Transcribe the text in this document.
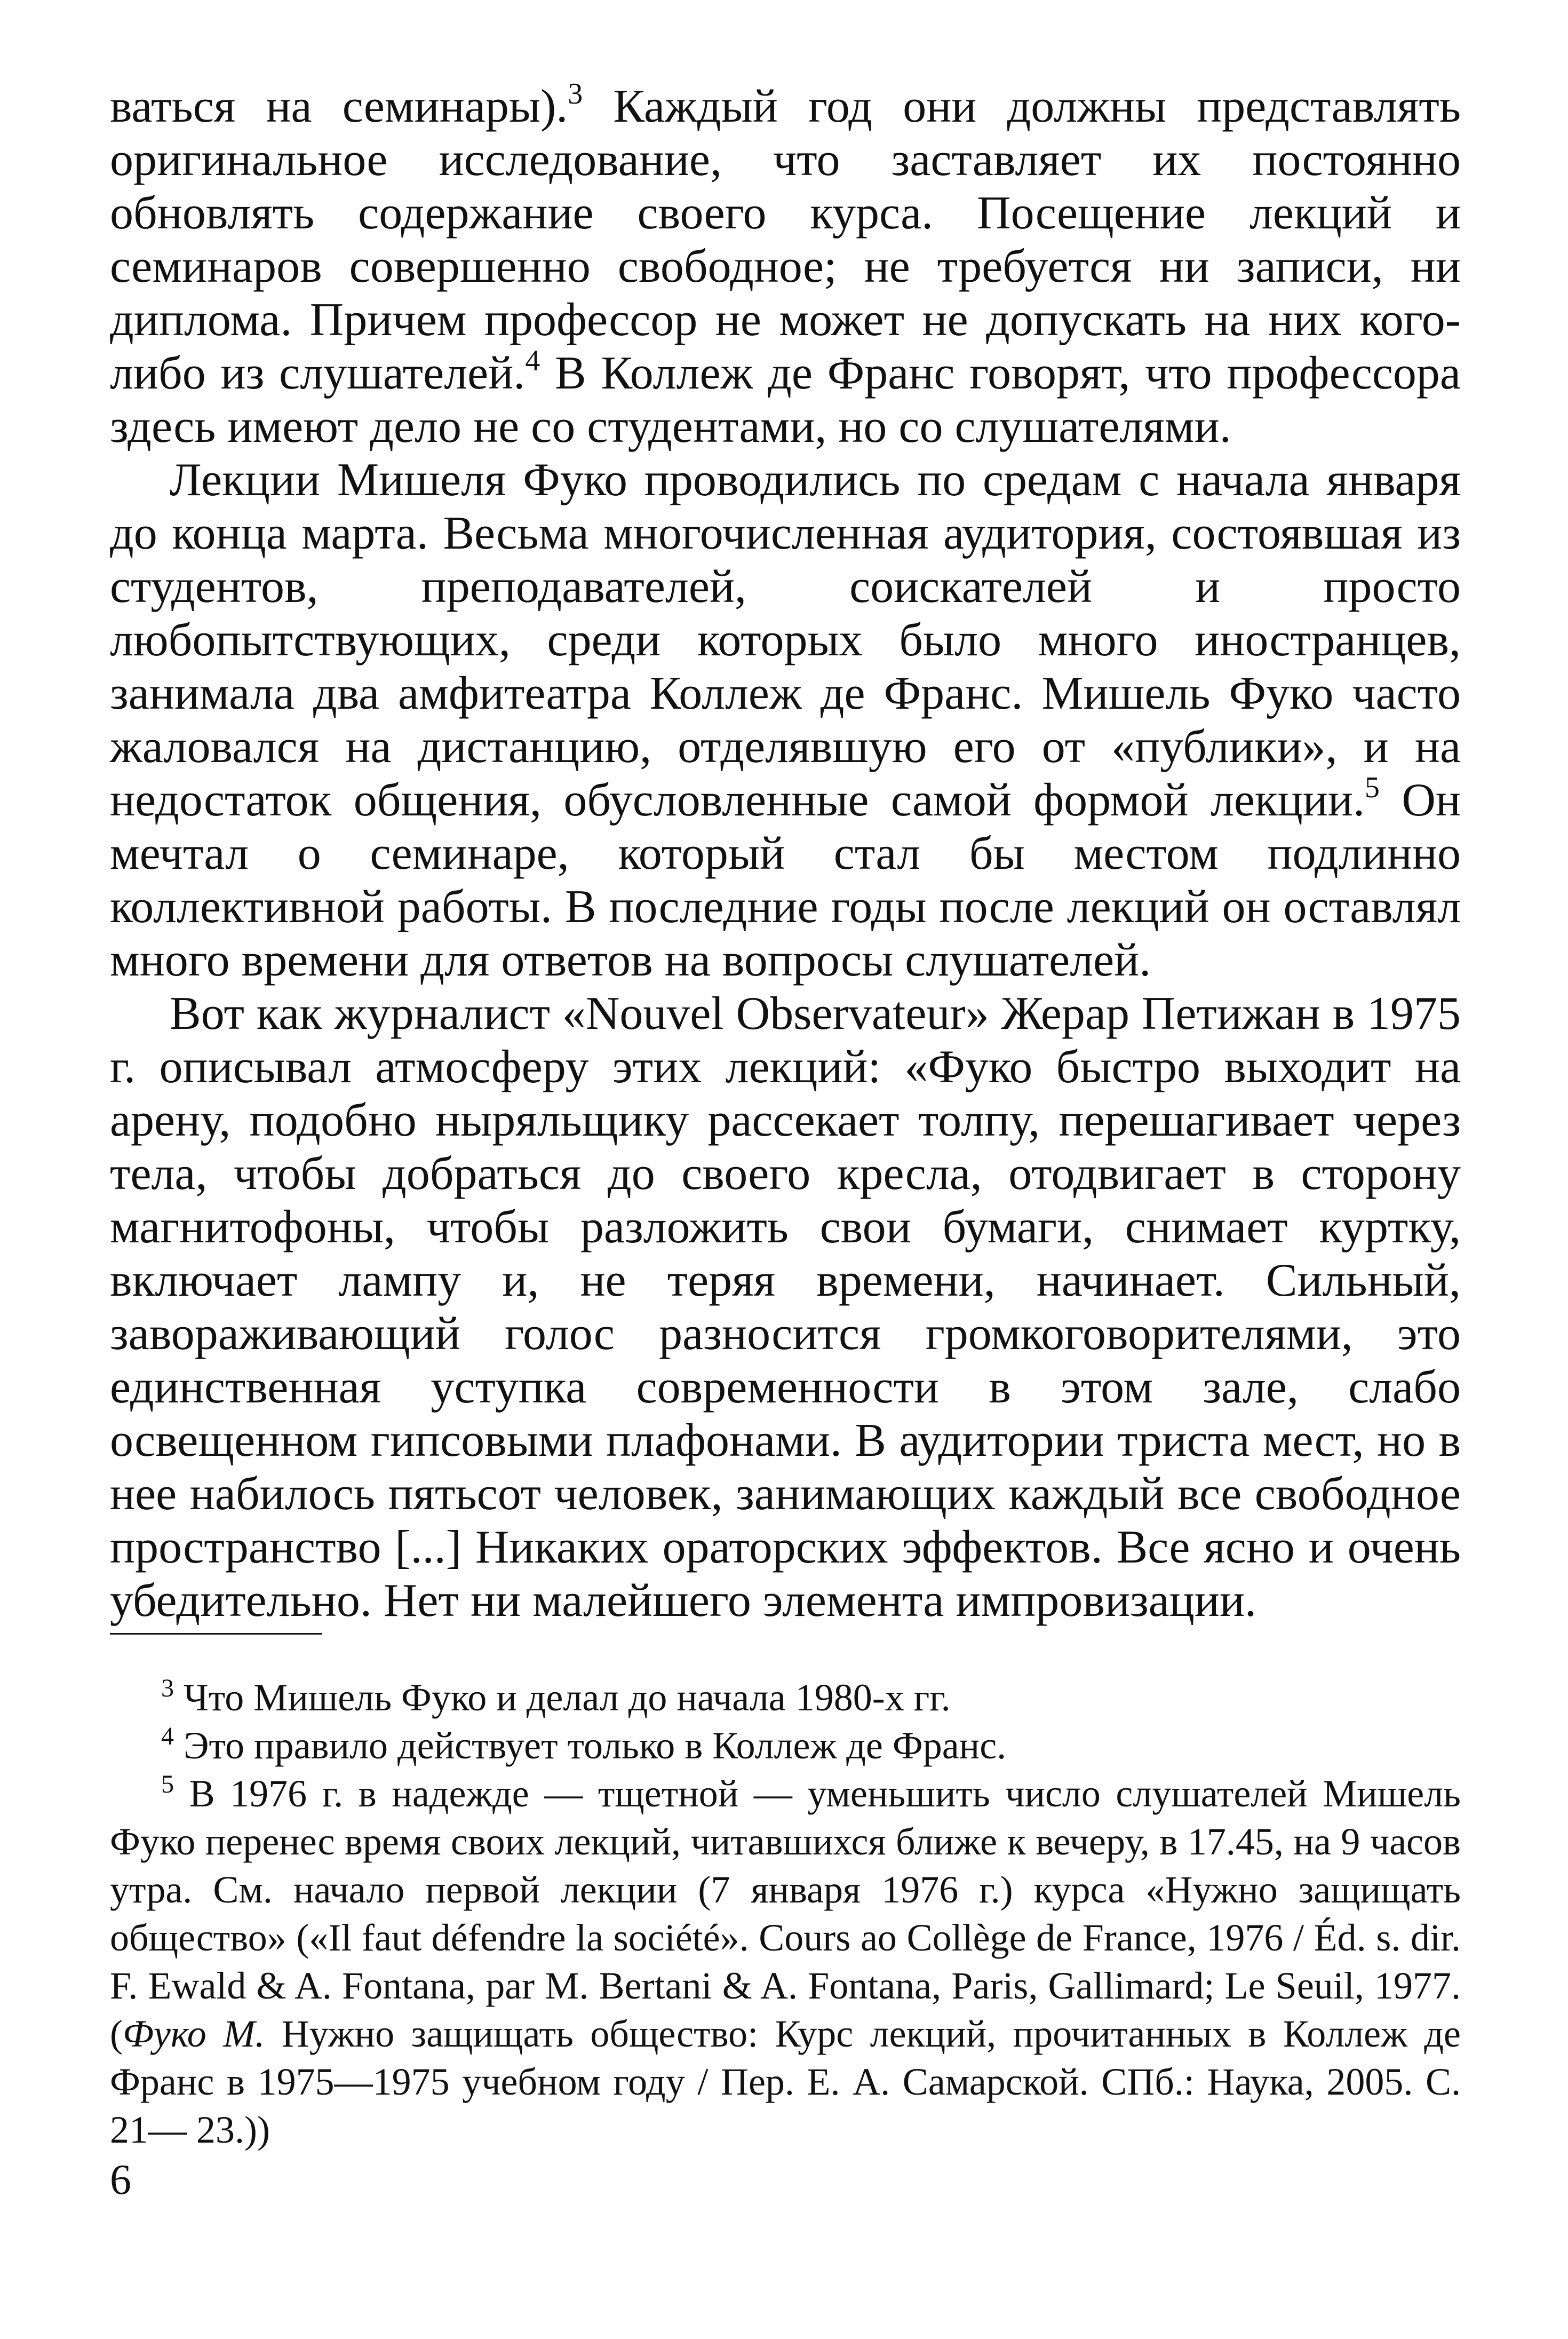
ваться на семинары).$^3$ Каждый год они должны представлять оригинальное исследование, что заставляет их постоянно обновлять содержание своего курса. Посещение лекций и семинаров совершенно свободное; не требуется ни записи, ни диплома. Причем профессор не может не допускать на них кого-либо из слушателей.$^4$ В Коллеж де Франс говорят, что профессора здесь имеют дело не со студентами, но со слушателями.

Лекции Мишеля Фуко проводились по средам с начала января до конца марта. Весьма многочисленная аудитория, состоявшая из студентов, преподавателей, соискателей и просто любопытствующих, среди которых было много иностранцев, занимала два амфитеатра Коллеж де Франс. Мишель Фуко часто жаловался на дистанцию, отделявшую его от «публики», и на недостаток общения, обусловленные самой формой лекции.$^5$ Он мечтал о семинаре, который стал бы местом подлинно коллективной работы. В последние годы после лекций он оставлял много времени для ответов на вопросы слушателей.

Вот как журналист «Nouvel Observateur» Жерар Петижан в 1975 г. описывал атмосферу этих лекций: «Фуко быстро выходит на арену, подобно ныряльщику рассекает толпу, перешагивает через тела, чтобы добраться до своего кресла, отодвигает в сторону магнитофоны, чтобы разложить свои бумаги, снимает куртку, включает лампу и, не теряя времени, начинает. Сильный, завораживающий голос разносится громкоговорителями, это единственная уступка современности в этом зале, слабо освещенном гипсовыми плафонами. В аудитории триста мест, но в нее набилось пятьсот человек, занимающих каждый все свободное пространство [...] Никаких ораторских эффектов. Все ясно и очень убедительно. Нет ни малейшего элемента импровизации.

$^3$ Что Мишель Фуко и делал до начала 1980-х гг.

$^4$ Это правило действует только в Коллеж де Франс.

$^5$ В 1976 г. в надежде — тщетной — уменьшить число слушателей Мишель Фуко перенес время своих лекций, читавшихся ближе к вечеру, в 17.45, на 9 часов утра. См. начало первой лекции (7 января 1976 г.) курса «Нужно защищать общество» («Il faut défendre la société». Cours ao Collège de France, 1976 / Éd. s. dir. F. Ewald & A. Fontana, par M. Bertani & A. Fontana, Paris, Gallimard; Le Seuil, 1977. (Фуко М. Нужно защищать общество: Курс лекций, прочитанных в Коллеж де Франс в 1975—1975 учебном году / Пер. Е. А. Самарской. СПб.: Наука, 2005. С. 21— 23.))

6
